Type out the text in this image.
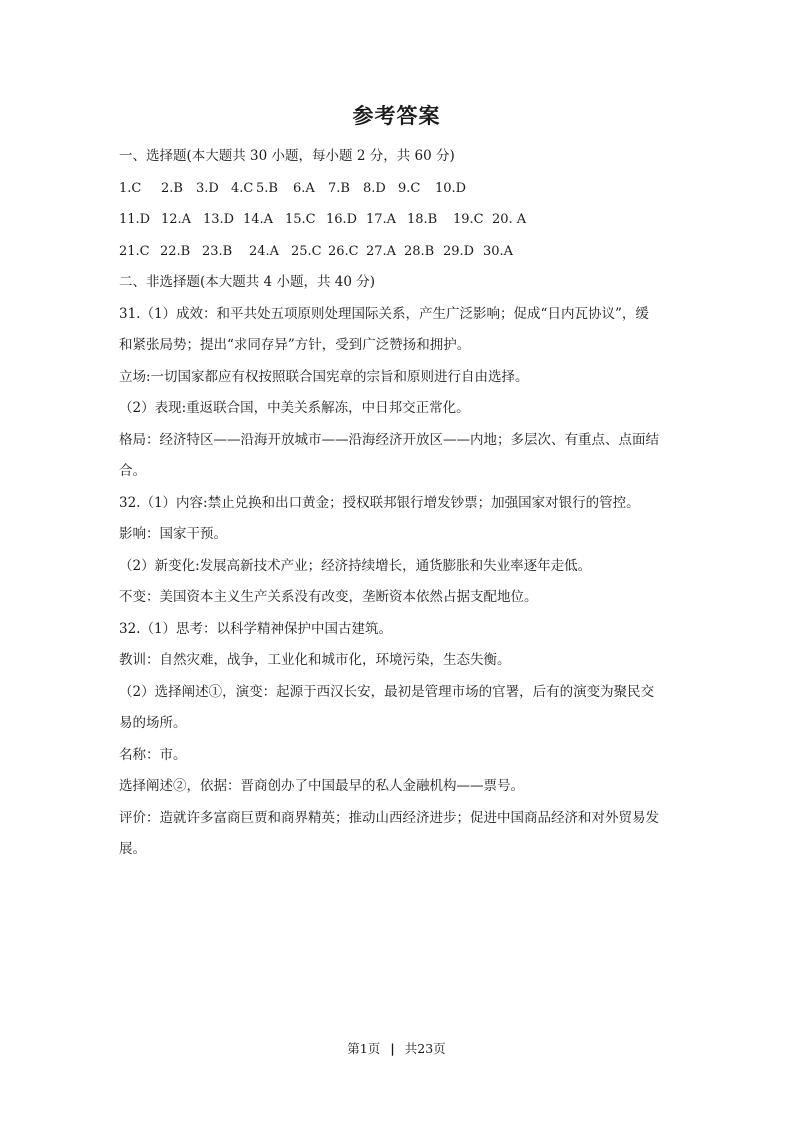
参考答案
一、选择题(本大题共 30 小题，每小题 2 分，共 60 分)
1.C	2.B	3.D 4.C 5.B	6.A	7.B	8.D 9.C	10.D
11.D 12.A 13.D 14.A 15.C 16.D 17.A 18.B	19.C 20. A
21.C 22.B 23.B	24.A 25.C 26.C 27.A 28.B 29.D 30.A
二、非选择题(本大题共 4 小题，共 40 分)
31.（1）成效：和平共处五项原则处理国际关系，产生广泛影响；促成“日内瓦协议”，缓
和紧张局势；提出“求同存异”方针，受到广泛赞扬和拥护。
立场:一切国家都应有权按照联合国宪章的宗旨和原则进行自由选择。
（2）表现:重返联合国，中美关系解冻，中日邦交正常化。
格局：经济特区——沿海开放城市——沿海经济开放区——内地；多层次、有重点、点面结
合。
32.（1）内容:禁止兑换和出口黄金；授权联邦银行增发钞票；加强国家对银行的管控。
影响：国家干预。
（2）新变化:发展高新技术产业；经济持续增长，通货膨胀和失业率逐年走低。
不变：美国资本主义生产关系没有改变，垄断资本依然占据支配地位。
32.（1）思考：以科学精神保护中国古建筑。
教训：自然灾难，战争，工业化和城市化，环境污染，生态失衡。
（2）选择阐述①，演变：起源于西汉长安，最初是管理市场的官署，后有的演变为聚民交
易的场所。
名称：市。
选择阐述②，依据：晋商创办了中国最早的私人金融机构——票号。
评价：造就许多富商巨贾和商界精英；推动山西经济进步；促进中国商品经济和对外贸易发
展。
第1页 | 共23页
